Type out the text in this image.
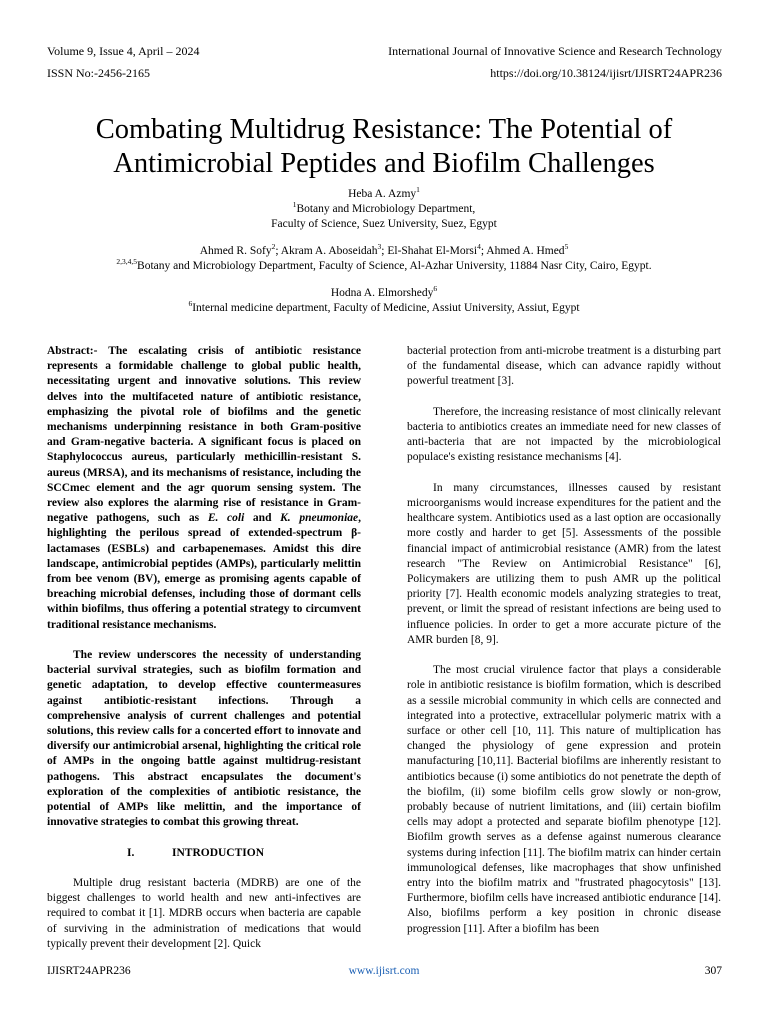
Volume 9, Issue 4, April – 2024
ISSN No:-2456-2165
International Journal of Innovative Science and Research Technology
https://doi.org/10.38124/ijisrt/IJISRT24APR236
Combating Multidrug Resistance: The Potential of
Antimicrobial Peptides and Biofilm Challenges
Heba A. Azmy$^1$
$^1$Botany and Microbiology Department,
Faculty of Science, Suez University, Suez, Egypt
Ahmed R. Sofy$^2$; Akram A. Aboseidah$^3$; El-Shahat El-Morsi$^4$; Ahmed A. Hmed$^5$
$^{2,3,4,5}$Botany and Microbiology Department, Faculty of Science, Al-Azhar University, 11884 Nasr City, Cairo, Egypt.
Hodna A. Elmorshedy$^6$
$^6$Internal medicine department, Faculty of Medicine, Assiut University, Assiut, Egypt

Abstract:- The escalating crisis of antibiotic resistance represents a formidable challenge to global public health, necessitating urgent and innovative solutions. This review delves into the multifaceted nature of antibiotic resistance, emphasizing the pivotal role of biofilms and the genetic mechanisms underpinning resistance in both Gram-positive and Gram-negative bacteria. A significant focus is placed on Staphylococcus aureus, particularly methicillin-resistant S. aureus (MRSA), and its mechanisms of resistance, including the SCCmec element and the agr quorum sensing system. The review also explores the alarming rise of resistance in Gram-negative pathogens, such as E. coli and K. pneumoniae, highlighting the perilous spread of extended-spectrum β-lactamases (ESBLs) and carbapenemases. Amidst this dire landscape, antimicrobial peptides (AMPs), particularly melittin from bee venom (BV), emerge as promising agents capable of breaching microbial defenses, including those of dormant cells within biofilms, thus offering a potential strategy to circumvent traditional resistance mechanisms.

The review underscores the necessity of understanding bacterial survival strategies, such as biofilm formation and genetic adaptation, to develop effective countermeasures against antibiotic-resistant infections. Through a comprehensive analysis of current challenges and potential solutions, this review calls for a concerted effort to innovate and diversify our antimicrobial arsenal, highlighting the critical role of AMPs in the ongoing battle against multidrug-resistant pathogens. This abstract encapsulates the document's exploration of the complexities of antibiotic resistance, the potential of AMPs like melittin, and the importance of innovative strategies to combat this growing threat.

I.	INTRODUCTION

Multiple drug resistant bacteria (MDRB) are one of the biggest challenges to world health and new anti-infectives are required to combat it [1]. MDRB occurs when bacteria are capable of surviving in the administration of medications that would typically prevent their development [2]. Quick

bacterial protection from anti-microbe treatment is a disturbing part of the fundamental disease, which can advance rapidly without powerful treatment [3].

Therefore, the increasing resistance of most clinically relevant bacteria to antibiotics creates an immediate need for new classes of anti-bacteria that are not impacted by the microbiological populace's existing resistance mechanisms [4].

In many circumstances, illnesses caused by resistant microorganisms would increase expenditures for the patient and the healthcare system. Antibiotics used as a last option are occasionally more costly and harder to get [5]. Assessments of the possible financial impact of antimicrobial resistance (AMR) from the latest research "The Review on Antimicrobial Resistance" [6], Policymakers are utilizing them to push AMR up the political priority [7]. Health economic models analyzing strategies to treat, prevent, or limit the spread of resistant infections are being used to influence policies. In order to get a more accurate picture of the AMR burden [8, 9].

The most crucial virulence factor that plays a considerable role in antibiotic resistance is biofilm formation, which is described as a sessile microbial community in which cells are connected and integrated into a protective, extracellular polymeric matrix with a surface or other cell [10, 11]. This nature of multiplication has changed the physiology of gene expression and protein manufacturing [10,11]. Bacterial biofilms are inherently resistant to antibiotics because (i) some antibiotics do not penetrate the depth of the biofilm, (ii) some biofilm cells grow slowly or non-grow, probably because of nutrient limitations, and (iii) certain biofilm cells may adopt a protected and separate biofilm phenotype [12]. Biofilm growth serves as a defense against numerous clearance systems during infection [11]. The biofilm matrix can hinder certain immunological defenses, like macrophages that show unfinished entry into the biofilm matrix and "frustrated phagocytosis" [13]. Furthermore, biofilm cells have increased antibiotic endurance [14]. Also, biofilms perform a key position in chronic disease progression [11]. After a biofilm has been

IJISRT24APR236	www.ijisrt.com	307
